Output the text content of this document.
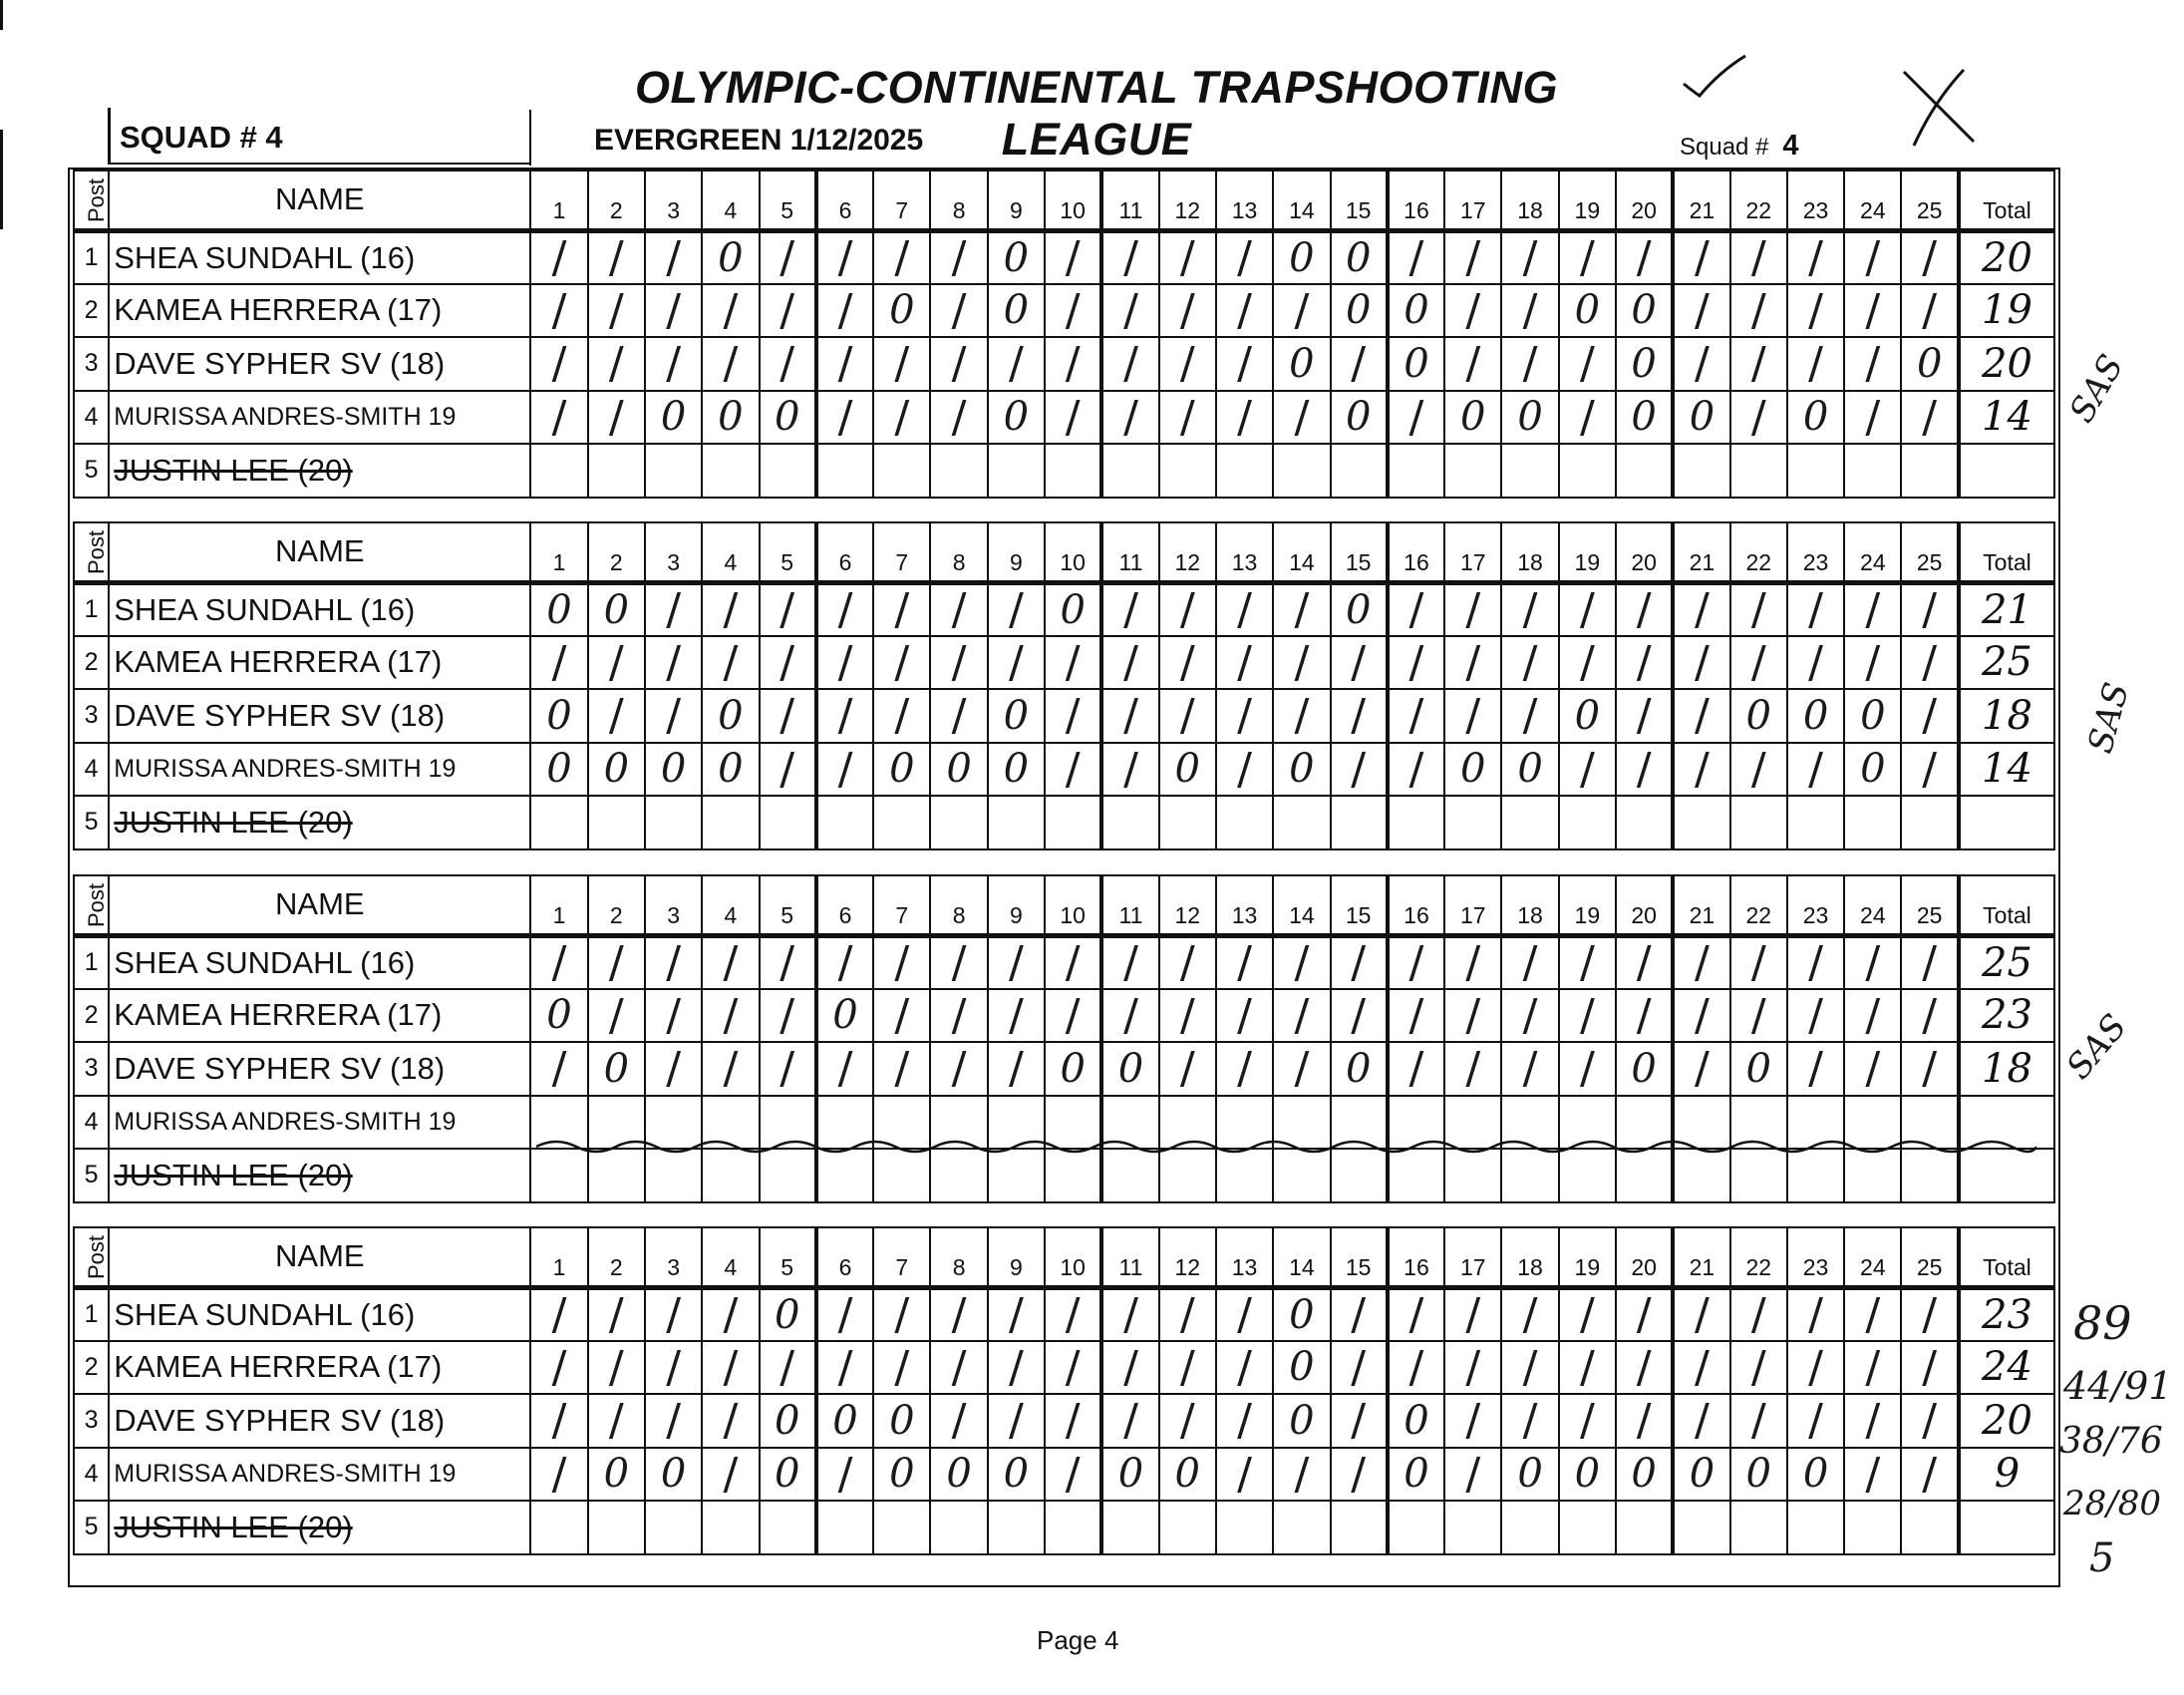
OLYMPIC-CONTINENTAL TRAPSHOOTING LEAGUE
SQUAD # 4	EVERGREEN 1/12/2025	Squad # 4
Post	NAME	1	2	3	4	5	6	7	8	9	10	11	12	13	14	15	16	17	18	19	20	21	22	23	24	25	Total
1	SHEA SUNDAHL (16)	/	/	/	0	/	/	/	/	0	/	/	/	/	0	0	/	/	/	/	/	/	/	/	/	/	20
2	KAMEA HERRERA (17)	/	/	/	/	/	/	0	/	0	/	/	/	/	/	0	0	/	/	0	0	/	/	/	/	/	19
3	DAVE SYPHER SV (18)	/	/	/	/	/	/	/	/	/	/	/	/	/	0	/	0	/	/	/	0	/	/	/	/	0	20
4	MURISSA ANDRES-SMITH 19	/	/	0	0	0	/	/	/	0	/	/	/	/	/	0	/	0	0	/	0	0	/	0	/	/	14
5	JUSTIN LEE (20)																										
Post	NAME	1	2	3	4	5	6	7	8	9	10	11	12	13	14	15	16	17	18	19	20	21	22	23	24	25	Total
1	SHEA SUNDAHL (16)	0	0	/	/	/	/	/	/	/	0	/	/	/	/	0	/	/	/	/	/	/	/	/	/	/	21
2	KAMEA HERRERA (17)	/	/	/	/	/	/	/	/	/	/	/	/	/	/	/	/	/	/	/	/	/	/	/	/	/	25
3	DAVE SYPHER SV (18)	0	/	/	0	/	/	/	/	0	/	/	/	/	/	/	/	/	/	0	/	/	0	0	0	/	18
4	MURISSA ANDRES-SMITH 19	0	0	0	0	/	/	0	0	0	/	/	0	/	0	/	/	0	0	/	/	/	/	/	0	/	14
5	JUSTIN LEE (20)																										
Post	NAME	1	2	3	4	5	6	7	8	9	10	11	12	13	14	15	16	17	18	19	20	21	22	23	24	25	Total
1	SHEA SUNDAHL (16)	/	/	/	/	/	/	/	/	/	/	/	/	/	/	/	/	/	/	/	/	/	/	/	/	/	25
2	KAMEA HERRERA (17)	0	/	/	/	/	0	/	/	/	/	/	/	/	/	/	/	/	/	/	/	/	/	/	/	/	23
3	DAVE SYPHER SV (18)	/	0	/	/	/	/	/	/	/	0	0	/	/	/	0	/	/	/	/	0	/	0	/	/	/	18
4	MURISSA ANDRES-SMITH 19																										
5	JUSTIN LEE (20)																										
Post	NAME	1	2	3	4	5	6	7	8	9	10	11	12	13	14	15	16	17	18	19	20	21	22	23	24	25	Total
1	SHEA SUNDAHL (16)	/	/	/	/	0	/	/	/	/	/	/	/	/	0	/	/	/	/	/	/	/	/	/	/	/	23
2	KAMEA HERRERA (17)	/	/	/	/	/	/	/	/	/	/	/	/	/	0	/	/	/	/	/	/	/	/	/	/	/	24
3	DAVE SYPHER SV (18)	/	/	/	/	0	0	0	/	/	/	/	/	/	0	/	0	/	/	/	/	/	/	/	/	/	20
4	MURISSA ANDRES-SMITH 19	/	0	0	/	0	/	0	0	0	/	0	0	/	/	/	0	/	0	0	0	0	0	0	/	/	9
5	JUSTIN LEE (20)																										
SAS
SAS
SAS
89
44/91
38/76
28/80
5
Page 4
